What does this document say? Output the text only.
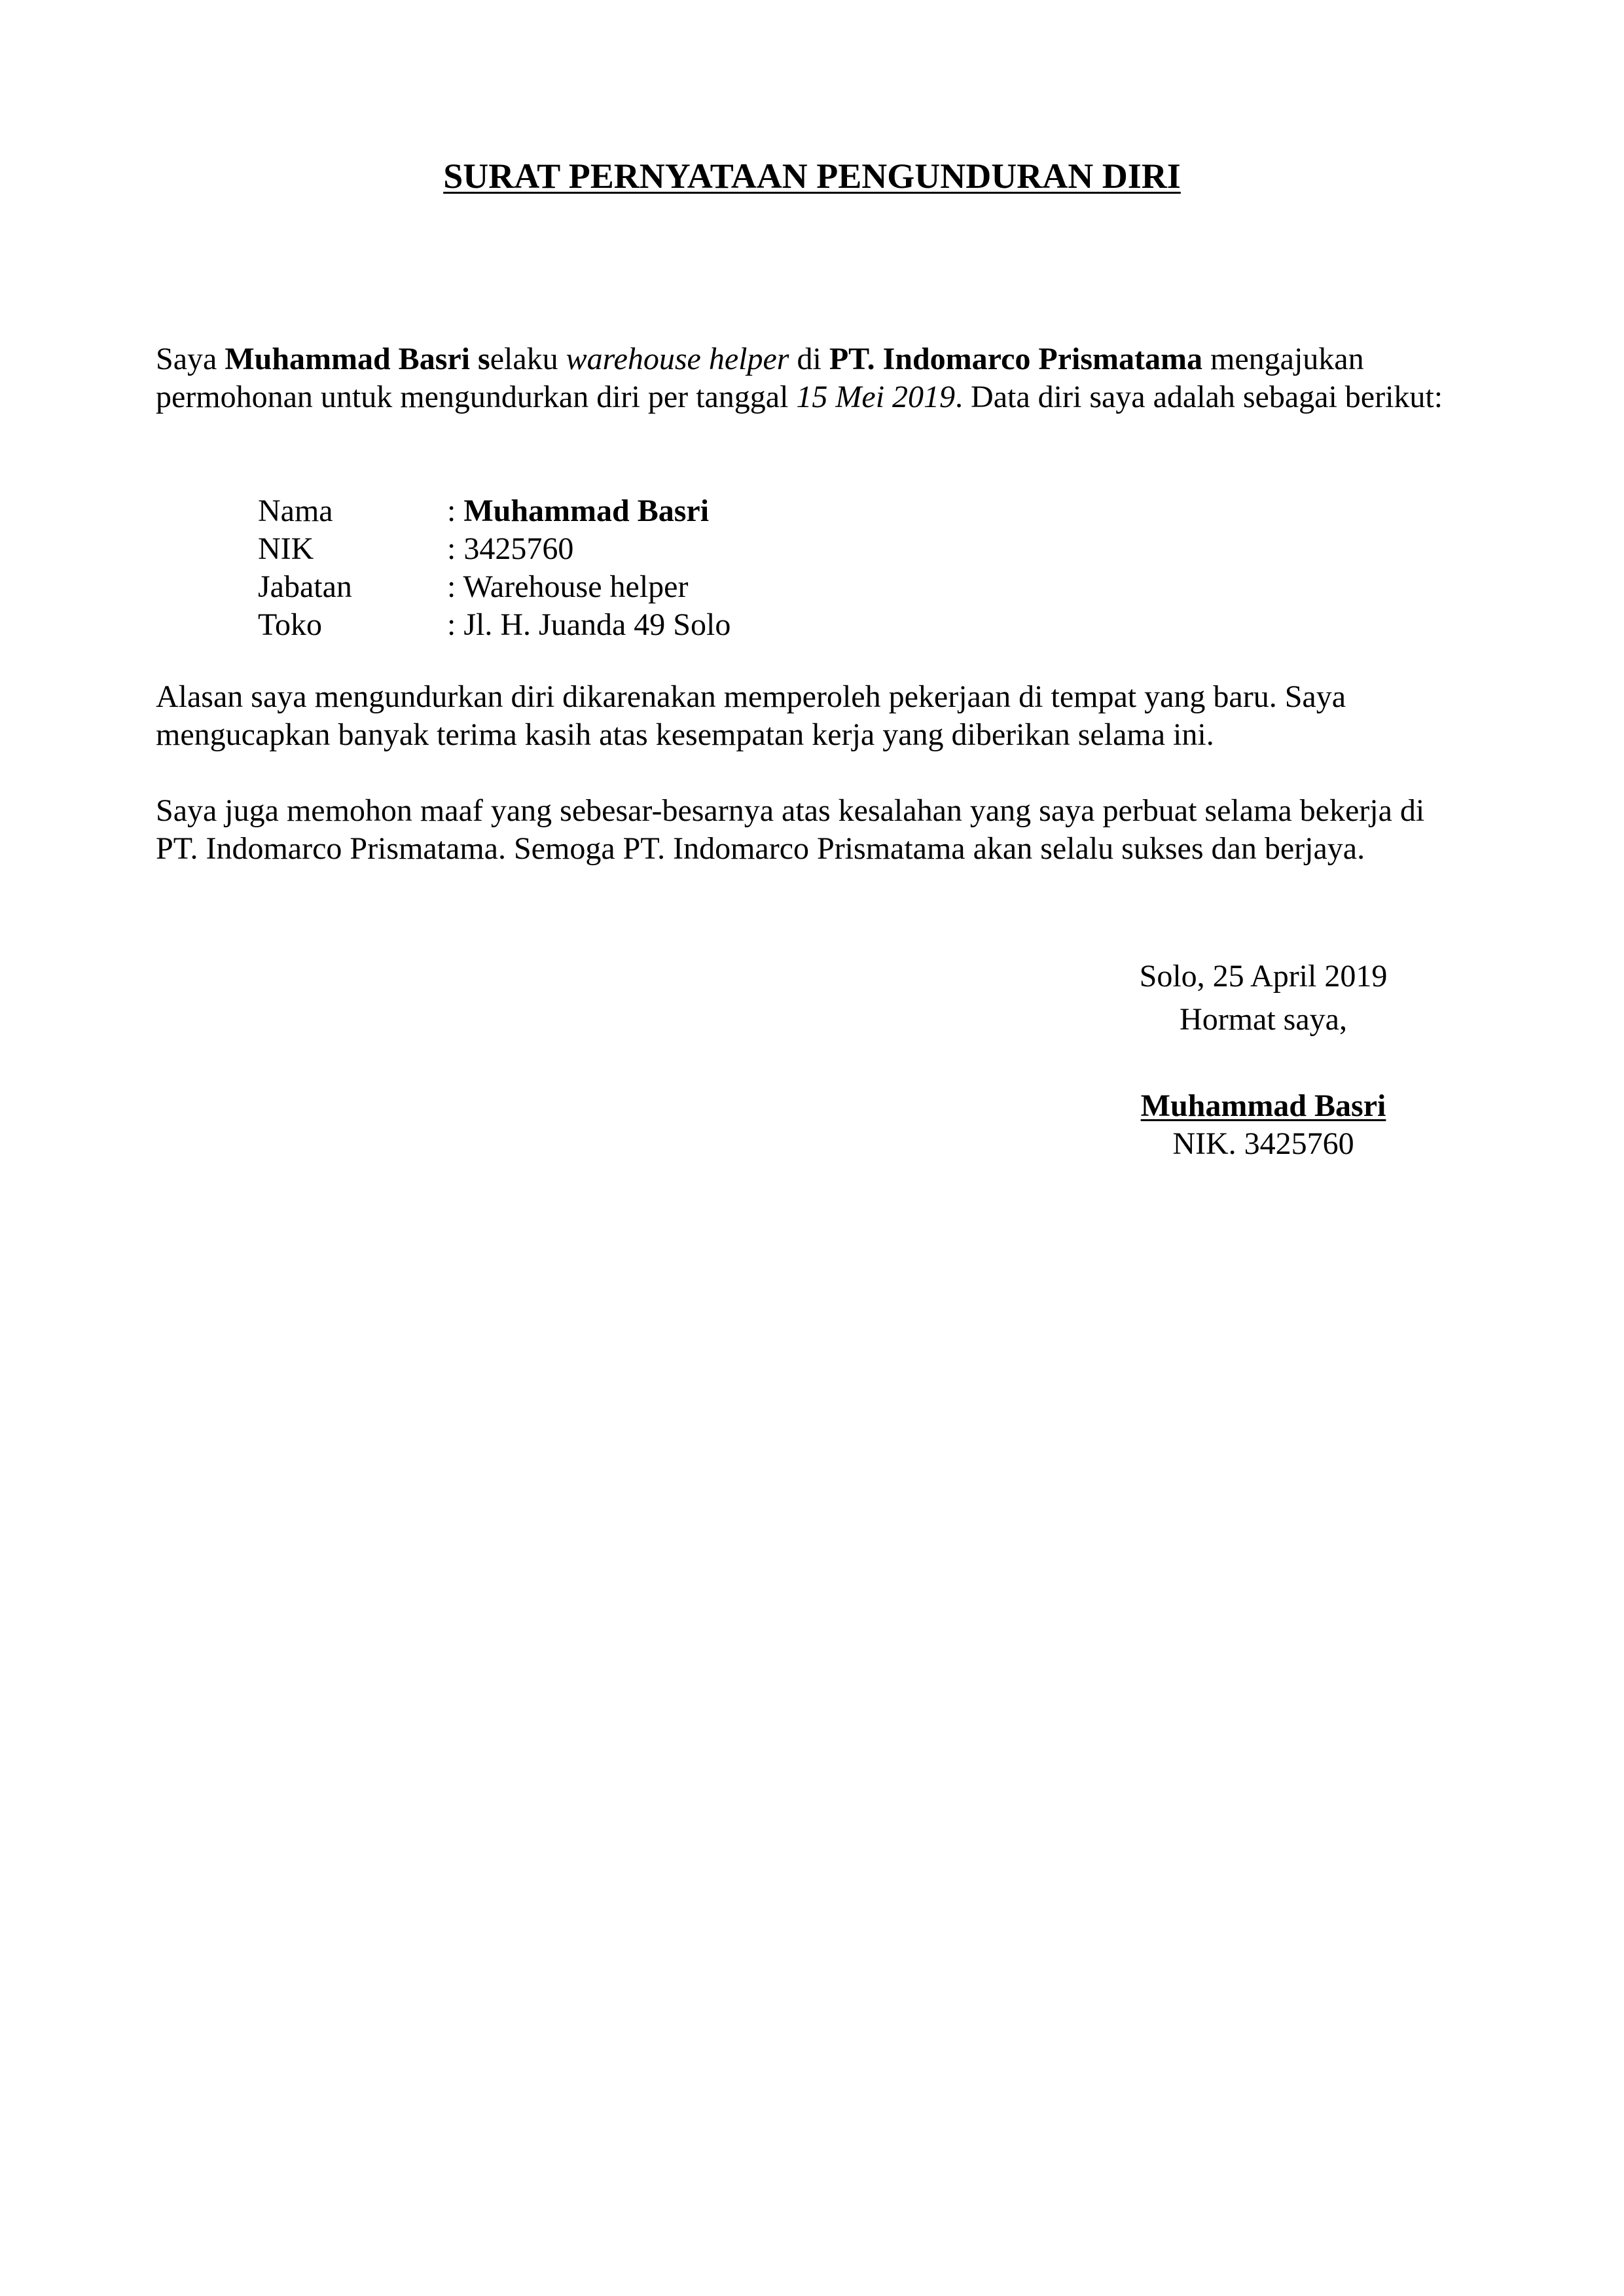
SURAT PERNYATAAN PENGUNDURAN DIRI

Saya Muhammad Basri selaku warehouse helper di PT. Indomarco Prismatama mengajukan permohonan untuk mengundurkan diri per tanggal 15 Mei 2019. Data diri saya adalah sebagai berikut:

Nama	: Muhammad Basri
NIK	: 3425760
Jabatan	: Warehouse helper
Toko	: Jl. H. Juanda 49 Solo

Alasan saya mengundurkan diri dikarenakan memperoleh pekerjaan di tempat yang baru. Saya mengucapkan banyak terima kasih atas kesempatan kerja yang diberikan selama ini.

Saya juga memohon maaf yang sebesar-besarnya atas kesalahan yang saya perbuat selama bekerja di PT. Indomarco Prismatama. Semoga PT. Indomarco Prismatama akan selalu sukses dan berjaya.

Solo, 25 April 2019
Hormat saya,
Muhammad Basri
NIK. 3425760
